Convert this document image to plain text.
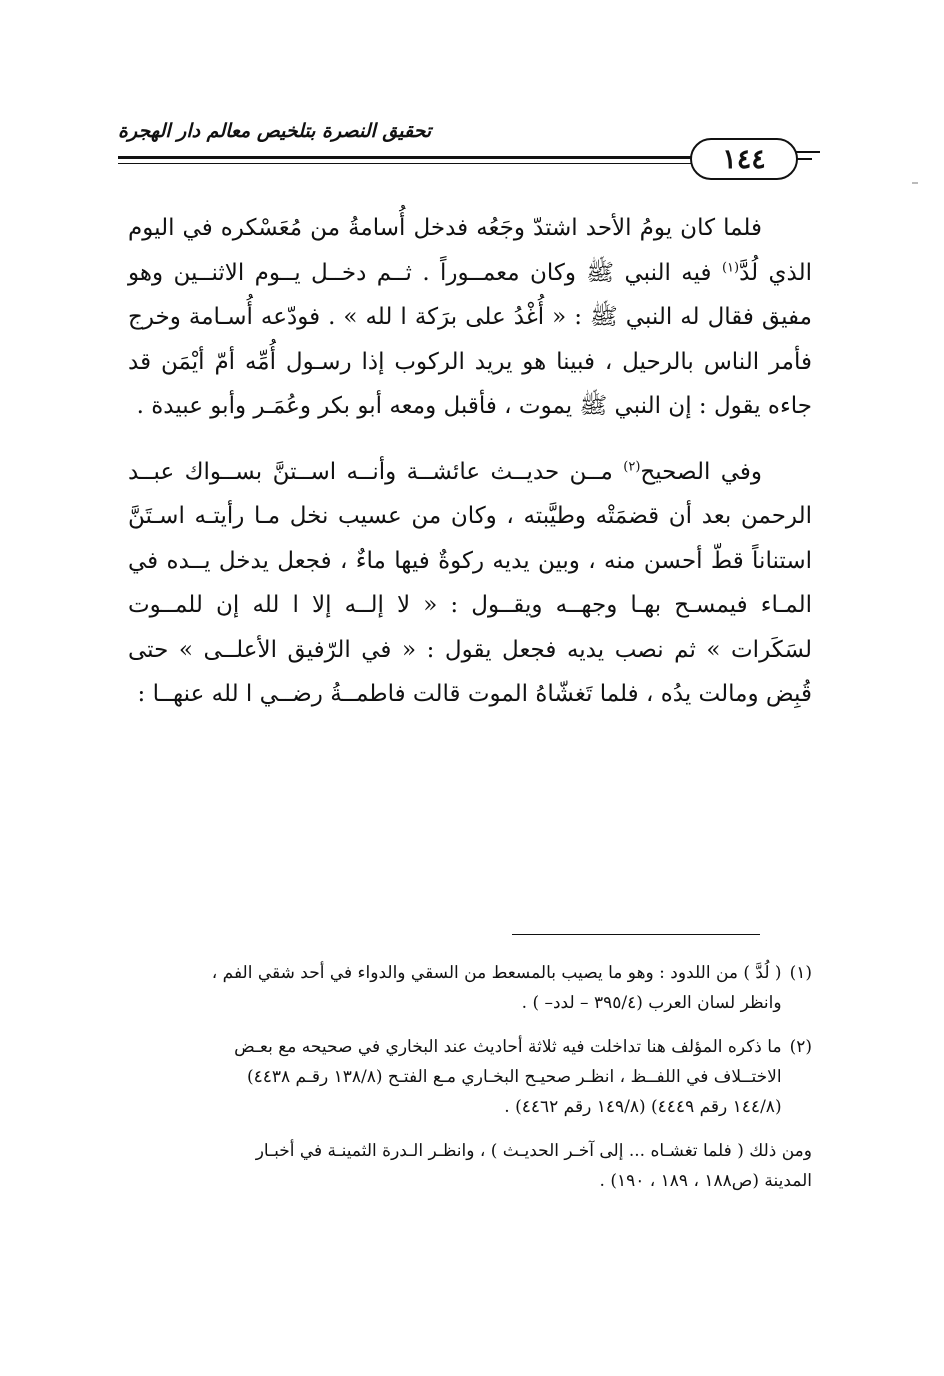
تحقيق النصرة بتلخيص معالم دار الهجرة
١٤٤

فلما كان يومُ الأحد اشتدّ وجَعُه فدخل أُسامةُ من مُعَسْكره في اليوم الذي لُدَّ$^{(١)}$ فيه النبي ﷺ وكان معمــوراً . ثــم دخــل يــوم الاثنــين وهو مفيق فقال له النبي ﷺ : « أُغْدُ على برَكة ا لله » . فودّعه أُسـامة وخرج فأمر الناس بالرحيل ، فبينا هو يريد الركوب إذا رسـول أُمِّه أمّ أيْمَن قد جاءه يقول : إن النبي ﷺ يموت ، فأقبل ومعه أبو بكر وعُمَـر وأبو عبيدة .

وفي الصحيح$^{(٢)}$ مــن حديــث عائشــة وأنــه اســتنَّ بســواك عبــد الرحمن بعد أن قضمَتْه وطيَّبته ، وكان من عسيب نخل مـا رأيتـه اسـتَنَّ استناناً قطّ أحسن منه ، وبين يديه ركوةٌ فيها ماءٌ ، فجعل يدخل يــده في المـاء فيمسـح بهـا وجهــه ويقــول : « لا إلــه إلا ا لله إن للمــوت لسَكَرات » ثم نصب يديه فجعل يقول : « في الرّفيق الأعلــى » حتى قُبِض ومالت يدُه ، فلما تَغشّاهُ الموت قالت فاطمــةُ رضــي ا لله عنهــا :

(١)
( لُدَّ ) من اللدود : وهو ما يصيب بالمسعط من السقي والدواء في أحد شقي الفم ،
وانظر لسان العرب (٣٩٥/٤ – لدد– ) .
(٢)
ما ذكره المؤلف هنا تداخلت فيه ثلاثة أحاديث عند البخاري في صحيحه مع بعـض
الاختــلاف في اللفــظ ، انظـر صحيـح البخـاري مـع الفتـح (١٣٨/٨ رقـم ٤٤٣٨)
(١٤٤/٨ رقم ٤٤٤٩) (١٤٩/٨ رقم ٤٤٦٢) .
ومن ذلك ( فلما تغشـاه ... إلى آخـر الحديـث ) ، وانظـر الـدرة الثمينـة في أخبـار
المدينة (ص١٨٨ ، ١٨٩ ، ١٩٠) .
